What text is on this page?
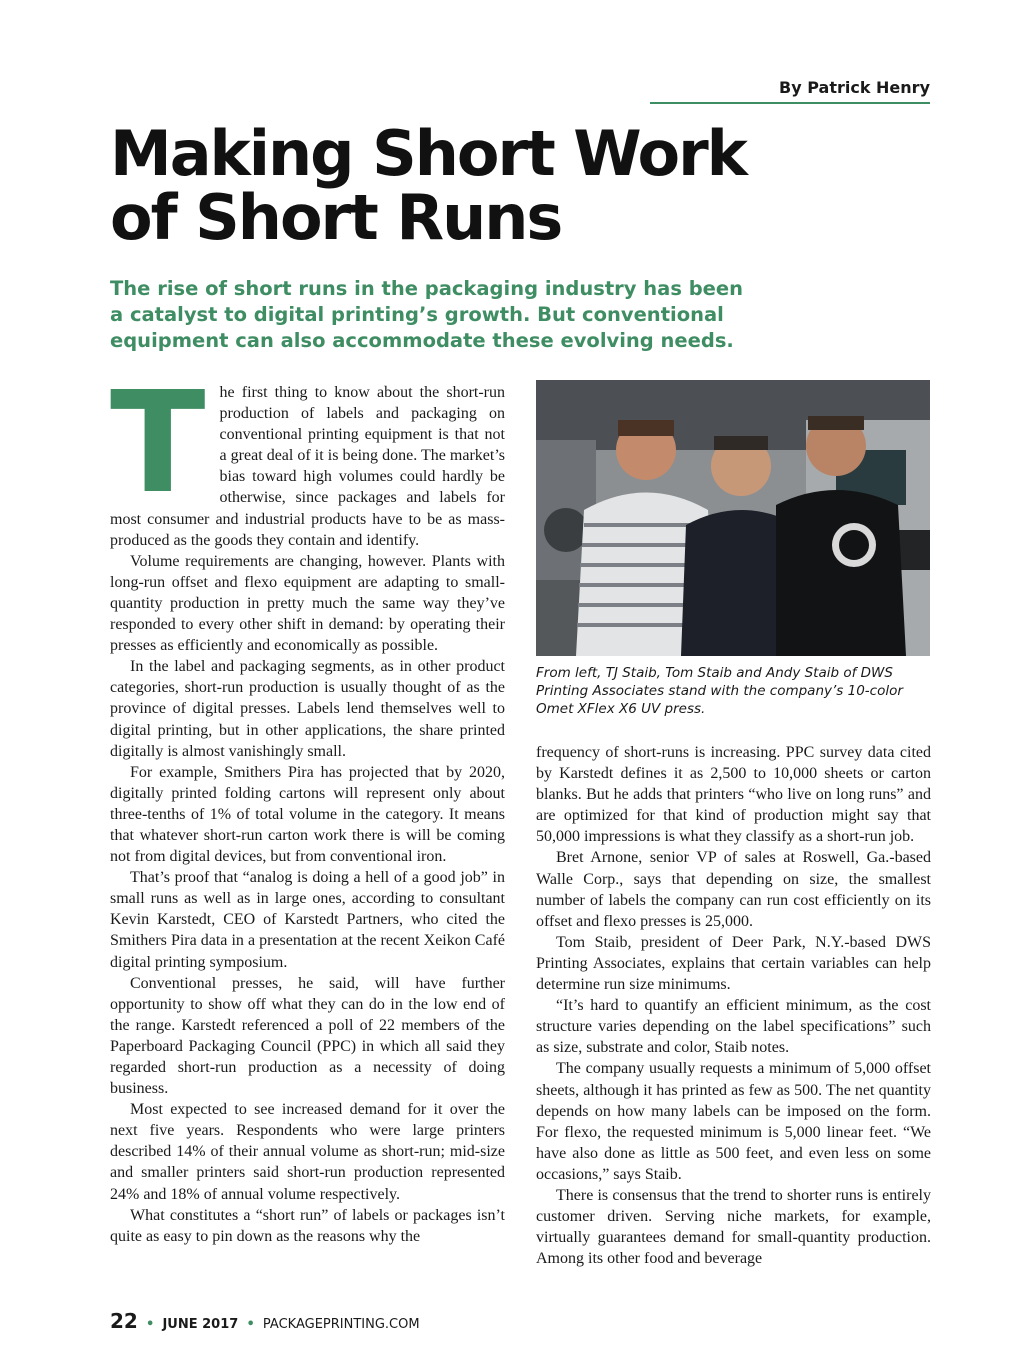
By Patrick Henry
Making Short Work
of Short Runs
The rise of short runs in the packaging industry has been
a catalyst to digital printing’s growth. But conventional
equipment can also accommodate these evolving needs.
T he first thing to know about the short-run production of labels and packaging on conventional printing equipment is that not a great deal of it is being done. The market’s bias toward high volumes could hardly be otherwise, since packages and labels for most consumer and industrial products have to be as mass-produced as the goods they contain and identify.

Volume requirements are changing, however. Plants with long-run offset and flexo equipment are adapting to small-quantity production in pretty much the same way they’ve responded to every other shift in demand: by operating their presses as efficiently and economically as possible.

In the label and packaging segments, as in other product categories, short-run production is usually thought of as the province of digital presses. Labels lend themselves well to digital printing, but in other applications, the share printed digitally is almost vanishingly small.

For example, Smithers Pira has projected that by 2020, digitally printed folding cartons will represent only about three-tenths of 1% of total volume in the category. It means that whatever short-run carton work there is will be coming not from digital devices, but from conventional iron.

That’s proof that “analog is doing a hell of a good job” in small runs as well as in large ones, according to consultant Kevin Karstedt, CEO of Karstedt Partners, who cited the Smithers Pira data in a presentation at the recent Xeikon Café digital printing symposium.

Conventional presses, he said, will have further opportunity to show off what they can do in the low end of the range. Karstedt referenced a poll of 22 members of the Paperboard Packaging Council (PPC) in which all said they regarded short-run production as a necessity of doing business.

Most expected to see increased demand for it over the next five years. Respondents who were large printers described 14% of their annual volume as short-run; mid-size and smaller printers said short-run production represented 24% and 18% of annual volume respectively.

What constitutes a “short run” of labels or packages isn’t quite as easy to pin down as the reasons why the

From left, TJ Staib, Tom Staib and Andy Staib of DWS
Printing Associates stand with the company’s 10-color
Omet XFlex X6 UV press.

frequency of short-runs is increasing. PPC survey data cited by Karstedt defines it as 2,500 to 10,000 sheets or carton blanks. But he adds that printers “who live on long runs” and are optimized for that kind of production might say that 50,000 impressions is what they classify as a short-run job.

Bret Arnone, senior VP of sales at Roswell, Ga.-based Walle Corp., says that depending on size, the smallest number of labels the company can run cost efficiently on its offset and flexo presses is 25,000.

Tom Staib, president of Deer Park, N.Y.-based DWS Printing Associates, explains that certain variables can help determine run size minimums.

“It’s hard to quantify an efficient minimum, as the cost structure varies depending on the label specifications” such as size, substrate and color, Staib notes.

The company usually requests a minimum of 5,000 offset sheets, although it has printed as few as 500. The net quantity depends on how many labels can be imposed on the form. For flexo, the requested minimum is 5,000 linear feet. “We have also done as little as 500 feet, and even less on some occasions,” says Staib.

There is consensus that the trend to shorter runs is entirely customer driven. Serving niche markets, for example, virtually guarantees demand for small-quantity production. Among its other food and beverage

22 • JUNE 2017 • PACKAGEPRINTING.COM
